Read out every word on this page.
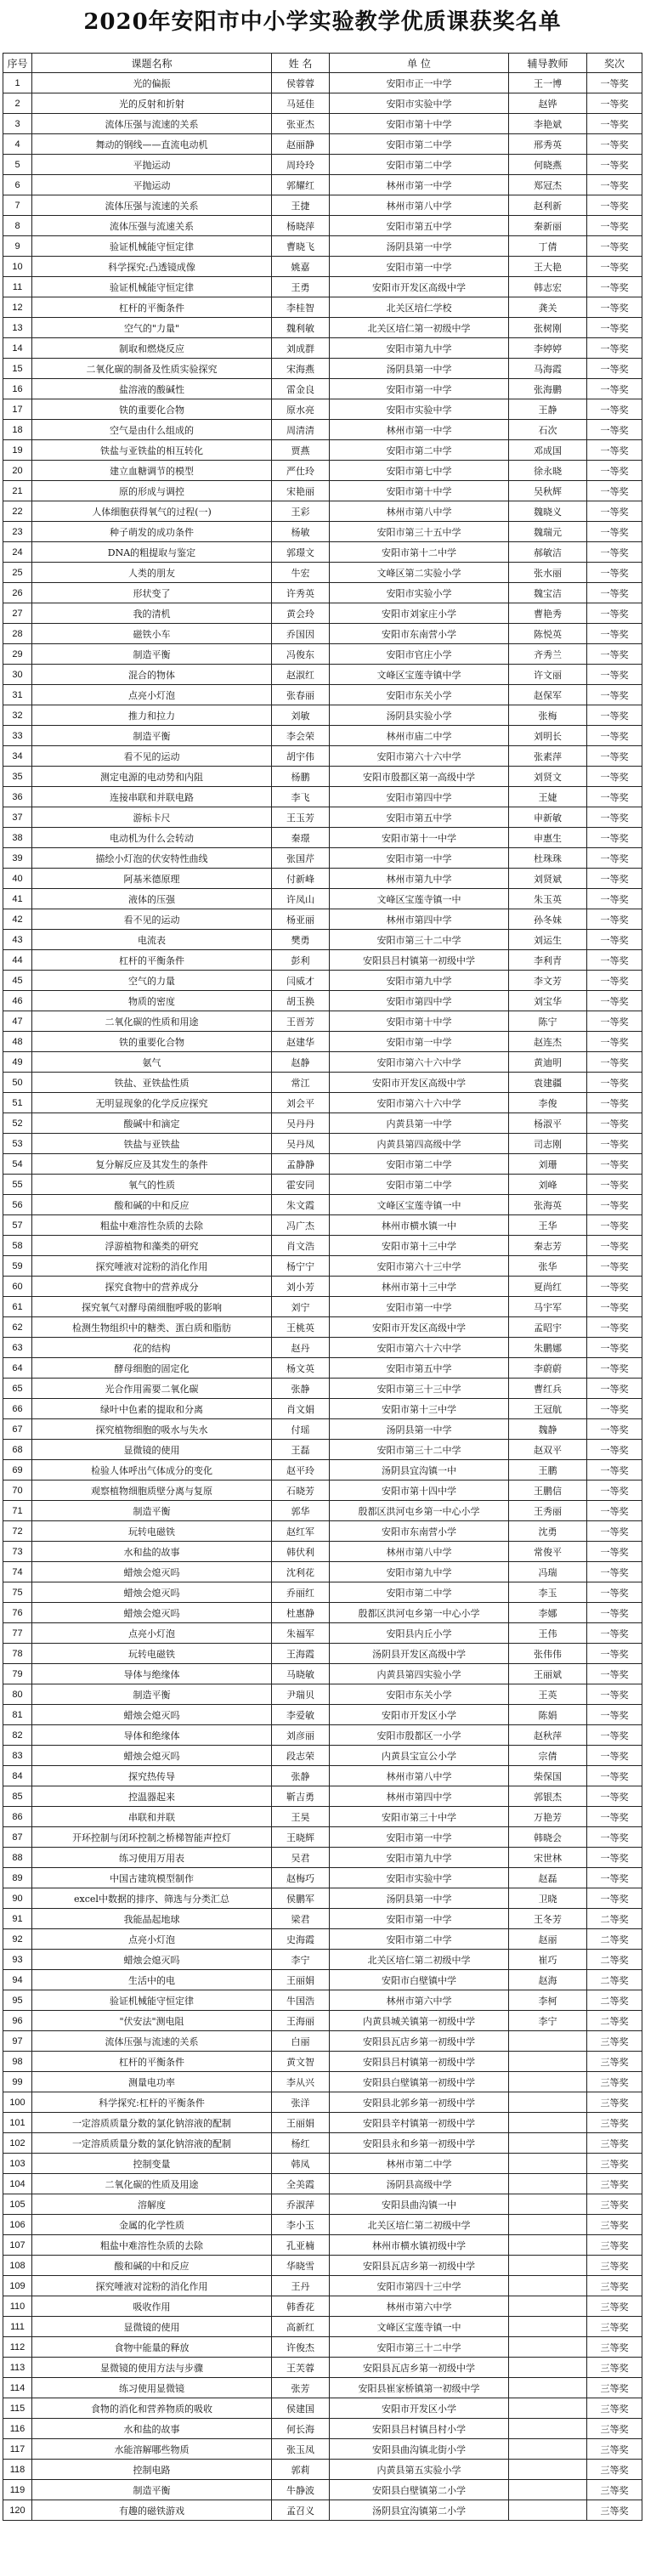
2020年安阳市中小学实验教学优质课获奖名单
序号	课题名称	姓 名	单 位	辅导教师	奖次
1	光的偏振	侯蓉蓉	安阳市正一中学	王一博	一等奖
2	光的反射和折射	马延佳	安阳市实验中学	赵铧	一等奖
3	流体压强与流速的关系	张亚杰	安阳市第十中学	李艳斌	一等奖
4	舞动的钢线——直流电动机	赵丽静	安阳市第二中学	邢秀英	一等奖
5	平抛运动	周玲玲	安阳市第二中学	何晓燕	一等奖
6	平抛运动	郭耀红	林州市第一中学	郑冠杰	一等奖
7	流体压强与流速的关系	王捷	林州市第八中学	赵利新	一等奖
8	流体压强与流速关系	杨晓萍	安阳市第五中学	秦新丽	一等奖
9	验证机械能守恒定律	曹晓飞	汤阴县第一中学	丁倩	一等奖
10	科学探究:凸透镜成像	姚嘉	安阳市第一中学	王大艳	一等奖
11	验证机械能守恒定律	王勇	安阳市开发区高级中学	韩志宏	一等奖
12	杠杆的平衡条件	李桂智	北关区培仁学校	龚关	一等奖
13	空气的"力量"	魏利敏	北关区培仁第一初级中学	张树刚	一等奖
14	制取和燃烧反应	刘成群	安阳市第九中学	李婷婷	一等奖
15	二氧化碳的制备及性质实验探究	宋海燕	汤阴县第一中学	马海霞	一等奖
16	盐溶液的酸碱性	雷金良	安阳市第一中学	张海鹏	一等奖
17	铁的重要化合物	原水亮	安阳市实验中学	王静	一等奖
18	空气是由什么组成的	周清清	林州市第一中学	石次	一等奖
19	铁盐与亚铁盐的相互转化	贾燕	安阳市第二中学	邓成国	一等奖
20	建立血糖调节的模型	严仕玲	安阳市第七中学	徐永晓	一等奖
21	原的形成与调控	宋艳丽	安阳市第十中学	吴秋辉	一等奖
22	人体细胞获得氧气的过程(一)	王彩	林州市第八中学	魏晓义	一等奖
23	种子萌发的成功条件	杨敏	安阳市第三十五中学	魏瑞元	一等奖
24	DNA的粗提取与鉴定	郭璟文	安阳市第十二中学	郝敏洁	一等奖
25	人类的朋友	牛宏	文峰区第二实验小学	张水丽	一等奖
26	形状变了	许秀英	安阳市实验小学	魏宝洁	一等奖
27	我的清机	黄会玲	安阳市刘家庄小学	曹艳秀	一等奖
28	磁铁小车	乔国因	安阳市东南营小学	陈悦英	一等奖
29	制造平衡	冯俊东	安阳市官庄小学	齐秀兰	一等奖
30	混合的物体	赵淑红	文峰区宝莲寺镇中学	许文丽	一等奖
31	点亮小灯泡	张春丽	安阳市东关小学	赵保军	一等奖
32	推力和拉力	刘敏	汤阴县实验小学	张梅	一等奖
33	制造平衡	李会荣	林州市庙二中学	刘明长	一等奖
34	看不见的运动	胡宇伟	安阳市第六十六中学	张素萍	一等奖
35	测定电源的电动势和内阻	杨鹏	安阳市殷都区第一高级中学	刘贤文	一等奖
36	连接串联和并联电路	李飞	安阳市第四中学	王婕	一等奖
37	游标卡尺	王玉芳	安阳市第五中学	申新敏	一等奖
38	电动机为什么会转动	秦璟	安阳市第十一中学	申惠生	一等奖
39	描绘小灯泡的伏安特性曲线	张国芹	安阳市第一中学	杜珠珠	一等奖
40	阿基米德原理	付新峰	林州市第九中学	刘贤斌	一等奖
41	液体的压强	许凤山	文峰区宝莲寺镇一中	朱玉英	一等奖
42	看不见的运动	杨亚丽	林州市第四中学	孙冬妹	一等奖
43	电流表	樊勇	安阳市第三十二中学	刘运生	一等奖
44	杠杆的平衡条件	彭利	安阳县吕村镇第一初级中学	李利青	一等奖
45	空气的力量	闫威才	安阳市第九中学	李文芳	一等奖
46	物质的密度	胡玉换	安阳市第四中学	刘宝华	一等奖
47	二氧化碳的性质和用途	王晋芳	安阳市第十中学	陈宁	一等奖
48	铁的重要化合物	赵建华	安阳市第一中学	赵连杰	一等奖
49	氨气	赵静	安阳市第六十六中学	黄迪明	一等奖
50	铁盐、亚铁盐性质	常江	安阳市开发区高级中学	袁建疆	一等奖
51	无明显现象的化学反应探究	刘会平	安阳市第六十六中学	李俊	一等奖
52	酸碱中和滴定	吴丹丹	内黄县第一中学	杨淑平	一等奖
53	铁盐与亚铁盐	吴丹凤	内黄县第四高级中学	司志刚	一等奖
54	复分解反应及其发生的条件	孟静静	安阳市第二中学	刘珊	一等奖
55	氧气的性质	霍安同	安阳市第二中学	刘峰	一等奖
56	酸和碱的中和反应	朱文霞	文峰区宝莲寺镇一中	张海英	一等奖
57	粗盐中难溶性杂质的去除	冯广杰	林州市横水镇一中	王华	一等奖
58	浮游植物和藻类的研究	肖文浩	安阳市第十三中学	秦志芳	一等奖
59	探究唾液对淀粉的消化作用	杨宁宁	安阳市第六十三中学	张华	一等奖
60	探究食物中的营养成分	刘小芳	林州市第十三中学	夏尚红	一等奖
61	探究氧气对酵母菌细胞呼吸的影响	刘宁	安阳市第一中学	马宇军	一等奖
62	检测生物组织中的糖类、蛋白质和脂肪	王桃英	安阳市开发区高级中学	孟昭宇	一等奖
63	花的结构	赵丹	安阳市第六十六中学	朱鹏娜	一等奖
64	酵母细胞的固定化	杨文英	安阳市第五中学	李蔚蔚	一等奖
65	光合作用需要二氧化碳	张静	安阳市第三十三中学	曹红兵	一等奖
66	绿叶中色素的提取和分离	肖文娟	安阳市第十三中学	王冠航	一等奖
67	探究植物细胞的吸水与失水	付瑶	汤阴县第一中学	魏静	一等奖
68	显微镜的使用	王磊	安阳市第三十二中学	赵双平	一等奖
69	检验人体呼出气体成分的变化	赵平玲	汤阴县宜沟镇一中	王鹏	一等奖
70	观察植物细胞质壁分离与复原	石晓芳	安阳市第十四中学	王鹏信	一等奖
71	制造平衡	郭华	殷都区洪河屯乡第一中心小学	王秀丽	一等奖
72	玩转电磁铁	赵红军	安阳市东南营小学	沈勇	一等奖
73	水和盐的故事	韩伏利	林州市第八中学	常俊平	一等奖
74	蜡烛会熄灭吗	沈利花	安阳市第九中学	冯瑞	一等奖
75	蜡烛会熄灭吗	乔丽红	安阳市第二中学	李玉	一等奖
76	蜡烛会熄灭吗	杜惠静	殷都区洪河屯乡第一中心小学	李娜	一等奖
77	点亮小灯泡	朱福军	安阳县内丘小学	王伟	一等奖
78	玩转电磁铁	王海霞	汤阴县开发区高级中学	张伟伟	一等奖
79	导体与绝缘体	马晓敏	内黄县第四实验小学	王丽斌	一等奖
80	制造平衡	尹瑞贝	安阳市东关小学	王英	一等奖
81	蜡烛会熄灭吗	李爱敏	安阳市开发区小学	陈娟	一等奖
82	导体和绝缘体	刘彦丽	安阳市殷都区一小学	赵秋萍	一等奖
83	蜡烛会熄灭吗	段志荣	内黄县宝宣公小学	宗倩	一等奖
84	探究热传导	张静	林州市第八中学	柴保国	一等奖
85	控温器起来	靳吉勇	林州市第四中学	郭银杰	一等奖
86	串联和并联	王昊	安阳市第三十中学	万艳芳	一等奖
87	开环控制与闭环控制之桥梯智能声控灯	王晓辉	安阳市第一中学	韩晓会	一等奖
88	练习使用万用表	吴君	安阳市第九中学	宋世林	一等奖
89	中国古建筑模型制作	赵梅巧	安阳市实验中学	赵磊	一等奖
90	excel中数据的排序、筛选与分类汇总	侯鹏军	汤阴县第一中学	卫晓	一等奖
91	我能晶起地球	梁君	安阳市第一中学	王冬芳	二等奖
92	点亮小灯泡	史海霞	安阳市第二中学	赵丽	二等奖
93	蜡烛会熄灭吗	李宁	北关区培仁第二初级中学	崔巧	二等奖
94	生活中的电	王丽娟	安阳市白壁镇中学	赵海	二等奖
95	验证机械能守恒定律	牛国浩	林州市第六中学	李柯	二等奖
96	"伏安法"测电阻	王海丽	内黄县城关镇第一初级中学	李宁	二等奖
97	流体压强与流速的关系	白丽	安阳县瓦店乡第一初级中学		三等奖
98	杠杆的平衡条件	黄文智	安阳县吕村镇第一初级中学		三等奖
99	测量电功率	李从兴	安阳县白壁镇第一初级中学		三等奖
100	科学探究:杠杆的平衡条件	张洋	安阳县北郭乡第一初级中学		三等奖
101	一定溶质质量分数的氯化钠溶液的配制	王丽娟	安阳县辛村镇第一初级中学		三等奖
102	一定溶质质量分数的氯化钠溶液的配制	杨红	安阳县永和乡第一初级中学		三等奖
103	控制变量	韩凤	林州市第二中学		三等奖
104	二氧化碳的性质及用途	全美霞	汤阴县高级中学		三等奖
105	溶解度	乔淑萍	安阳县曲沟镇一中		三等奖
106	金属的化学性质	李小玉	北关区培仁第二初级中学		三等奖
107	粗盐中难溶性杂质的去除	孔亚楠	林州市横水镇初级中学		三等奖
108	酸和碱的中和反应	华晓雪	安阳县瓦店乡第一初级中学		三等奖
109	探究唾液对淀粉的消化作用	王丹	安阳市第四十三中学		三等奖
110	吸收作用	韩香花	林州市第六中学		三等奖
111	显微镜的使用	高新红	文峰区宝莲寺镇一中		三等奖
112	食物中能量的释放	许俊杰	安阳市第三十二中学		三等奖
113	显微镜的使用方法与步骤	王芙蓉	安阳县瓦店乡第一初级中学		三等奖
114	练习使用显微镜	张芳	安阳县崔家桥镇第一初级中学		三等奖
115	食物的消化和营养物质的吸收	侯建国	安阳市开发区小学		三等奖
116	水和盐的故事	何长海	安阳县吕村镇吕村小学		三等奖
117	水能溶解哪些物质	张玉凤	安阳县曲沟镇北街小学		三等奖
118	控制电路	郭莉	内黄县第五实验小学		三等奖
119	制造平衡	牛静波	安阳县白壁镇第二小学		三等奖
120	有趣的磁铁游戏	孟召义	汤阴县宜沟镇第二小学		三等奖
